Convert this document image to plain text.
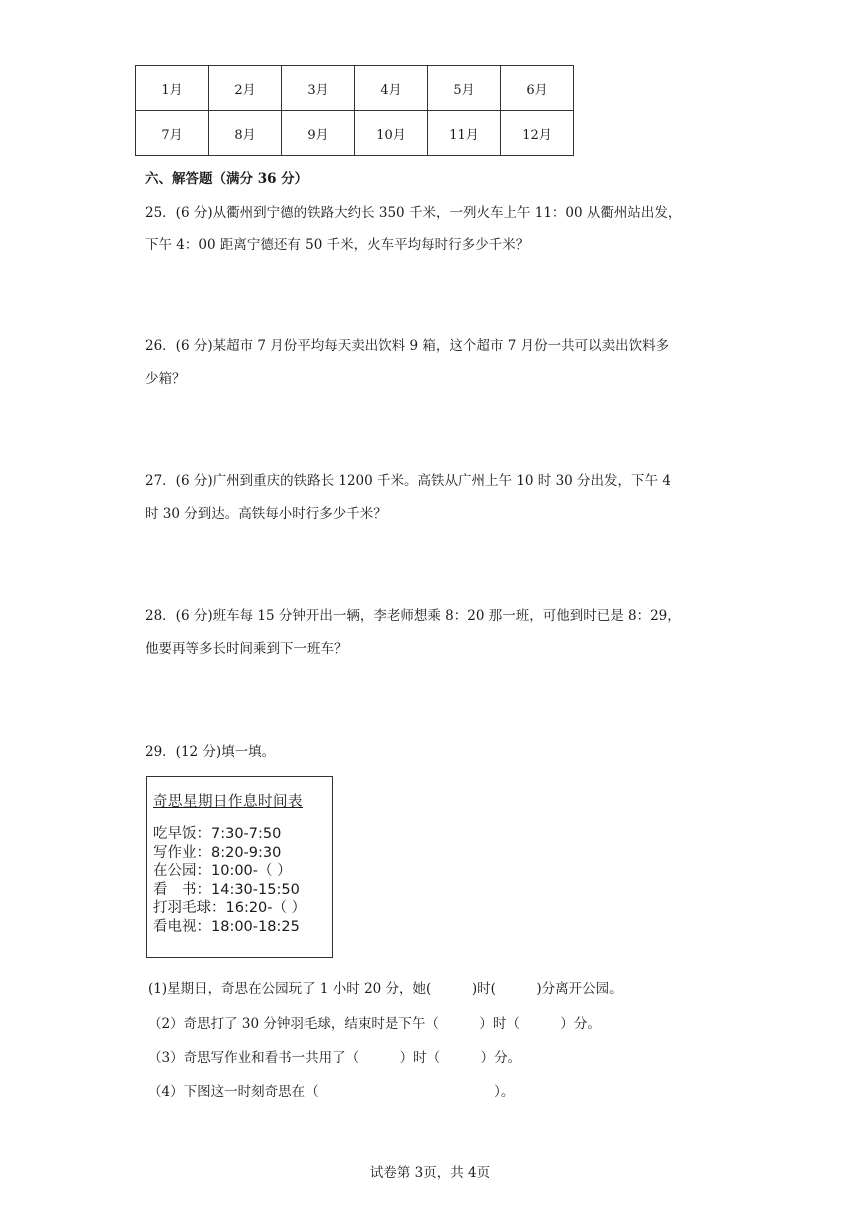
1月	2月	3月	4月	5月	6月
7月	8月	9月	10月	11月	12月
六、解答题（满分 36 分）
25．(6 分)从衢州到宁德的铁路大约长 350 千米，一列火车上午 11：00 从衢州站出发，
下午 4：00 距离宁德还有 50 千米，火车平均每时行多少千米？
26．(6 分)某超市 7 月份平均每天卖出饮料 9 箱，这个超市 7 月份一共可以卖出饮料多
少箱？
27．(6 分)广州到重庆的铁路长 1200 千米。高铁从广州上午 10 时 30 分出发，下午 4
时 30 分到达。高铁每小时行多少千米？
28．(6 分)班车每 15 分钟开出一辆，李老师想乘 8：20 那一班，可他到时已是 8：29，
他要再等多长时间乘到下一班车？
29．(12 分)填一填。
奇思星期日作息时间表
吃早饭：7:30-7:50
写作业：8:20-9:30
在公园：10:00-（ ）
看　书：14:30-15:50
打羽毛球：16:20-（ ）
看电视：18:00-18:25
(1)星期日，奇思在公园玩了 1 小时 20 分，她(　　　)时(　　　)分离开公园。
（2）奇思打了 30 分钟羽毛球，结束时是下午（　　　）时（　　　）分。
（3）奇思写作业和看书一共用了（　　　）时（　　　）分。
（4）下图这一时刻奇思在（　　　　　　　　　　　　　）。
试卷第 3页，共 4页
